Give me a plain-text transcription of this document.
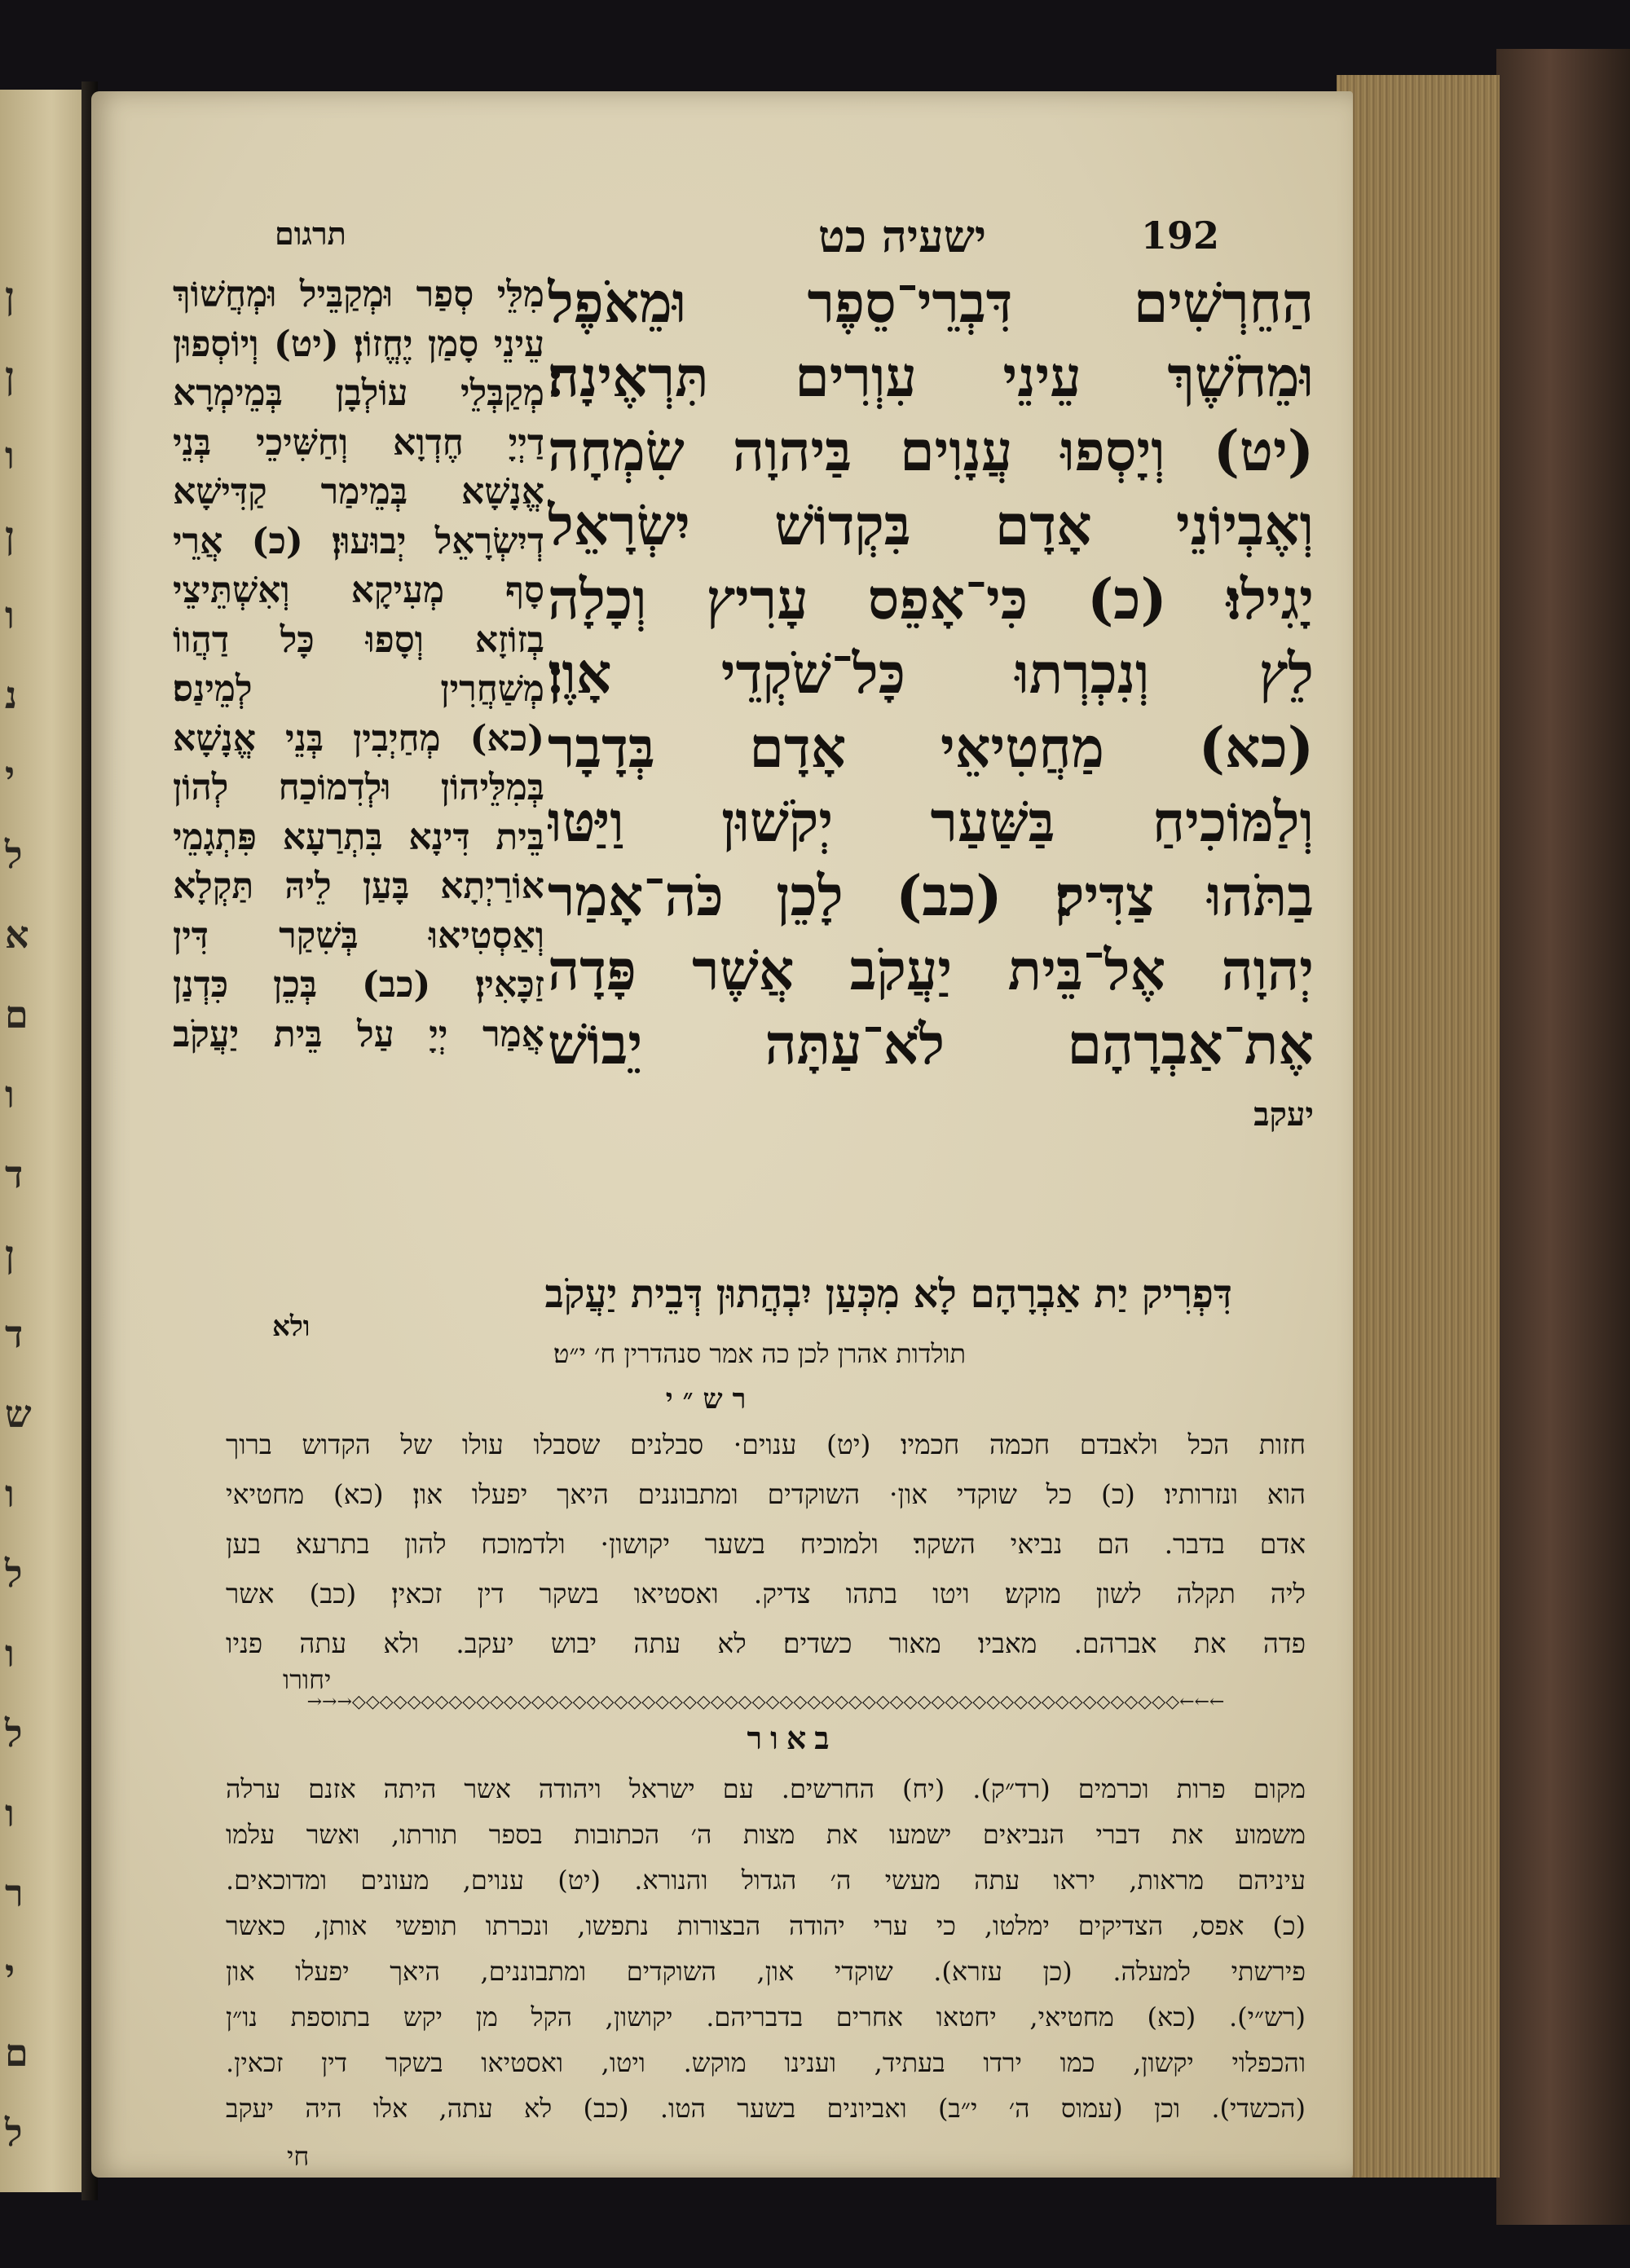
ן
ן
ו
ן
ו
נ
י
ל
א
ם
ו
ד
ן
ד
ש
ו
ל
ו
ל
ו
ר
י
ם
ל
192
ישעיה כט
תרגום
הַחֵרְשִׁים דִּבְרֵי־סֵפֶר וּמֵאֹפֶל
וּמֵחֹשֶׁךְ עֵינֵי עִוְרִים תִּרְאֶינָה׃
(יט) וְיָסְפוּ עֲנָוִים בַּיהוָה שִׂמְחָה
וְאֶבְיוֹנֵי אָדָם בִּקְדוֹשׁ יִשְׂרָאֵל
יָגִילוּ׃ (כ) כִּי־אָפֵס עָרִיץ וְכָלָה
לֵץ וְנִכְרְתוּ כָּל־שֹׁקְדֵי אָוֶן׃
(כא) מַחֲטִיאֵי אָדָם בְּדָבָר
וְלַמּוֹכִיחַ בַּשַּׁעַר יְקֹשׁוּן וַיַּטּוּ
בַתֹּהוּ צַדִּיק׃ (כב) לָכֵן כֹּה־אָמַר
יְהוָה אֶל־בֵּית יַעֲקֹב אֲשֶׁר פָּדָה
אֶת־אַבְרָהָם לֹא־עַתָּה יֵבוֹשׁ
יעקב
מִלֵּי סְפַר וּמְקַבֵּיל וּמְחֲשׁוֹךְ
עֵינֵי סָמַן יֶחֱזוֹן׃ (יט) וְיוֹסְפוּן
מְקַבְּלֵי עוֹלְבָן בְּמֵימְרָא
דַיְיָ חֶדְוָא וְחַשִּׁיכֵי בְּנֵי
אֱנָשָׁא בְּמֵימַר קַדִּישָׁא
דְיִשְׂרָאֵל יְבוּעוּן׃ (כ) אֲרֵי
סָף מְעִיקָא וְאִשְׁתֵּיצֵי
בְזוֹזָא וְסָפוּ כָּל דַהֲווֹ
מְשַׁחֲרִין לְמֵינַס׃
(כא) מְחַיְבִין בְּנֵי אֱנָשָׁא
בְּמִלֵּיהוֹן וּלְדִמוֹכַח לְהוֹן
בֵּית דִּינָא בִּתְרַעָא פִּתְגָמֵי
אוֹרַיְתָא בָּעַן לֵיהּ תַּקְלָא
וְאַסְטִיאוּ בְּשִׁקַר דִּין
זַכָּאִין׃ (כב) בְּכֵן כִּדְנַן
אֲמַר יְיָ עַל בֵּית יַעֲקֹב
דִּפְרִיק יַת אַבְרָהָם לָא מִכְּעַן יִבְהֲתוּן דְּבֵית יַעֲקֹב
ולא
תולדות אהרן לכן כה אמר סנהדרין ח׳ י״ט׃
רש״י
חזות הכל ולאבדם חכמה חכמיו׃ (יט) ענוים· סבלנים שסבלו עולו של הקדוש ברוך
הוא ונזרותיו׃ (כ) כל שוקדי און· השוקדים ומתבוננים היאך יפעלו און׃ (כא) מחטיאי
אדם בדבר. הם נביאי השקר׃ ולמוכיח בשער יקושון· ולדמוכח להון בתרעא בען
ליה תקלה לשון מוקש׃ ויטו בתהו צדיק. ואסטיאו בשקר דין זכאין׃ (כב) אשר
פדה את אברהם. מאביו׃ מאור כשדים׃ לא עתה יבוש יעקב. ולא עתה פניו
יחורו
→→→◇◇◇◇◇◇◇◇◇◇◇◇◇◇◇◇◇◇◇◇◇◇◇◇◇◇◇◇◇◇◇◇◇◇◇◇◇◇◇◇◇◇◇◇◇◇◇◇◇◇◇◇◇◇◇◇◇◇◇◇←←←
באור
מקום פרות וכרמים (רד״ק). (יח) החרשים. עם ישראל ויהודה אשר היתה אזנם ערלה
משמוע את דברי הנביאים ישמעו את מצות ה׳ הכתובות בספר תורתו, ואשר עלמו
עיניהם מראות, יראו עתה מעשי ה׳ הגדול והנורא. (יט) ענוים, מעונים ומדוכאים.
(כ) אפס, הצדיקים ימלטו, כי ערי יהודה הבצורות נתפשו, ונכרתו תופשי אותן, כאשר
פירשתי למעלה. (כן עזרא). שוקדי און, השוקדים ומתבוננים, היאך יפעלו און
(רש״י). (כא) מחטיאי, יחטאו אחרים בדבריהם. יקושון, הקל מן יקש בתוספת נו״ן
והכפלוי יקשון, כמו ירדו בעתיד, וענינו מוקש. ויטו, ואסטיאו בשקר דין זכאין.
(הכשדי). וכן (עמוס ה׳ י״ב) ואביונים בשער הטו. (כב) לא עתה, אלו היה יעקב
חי
